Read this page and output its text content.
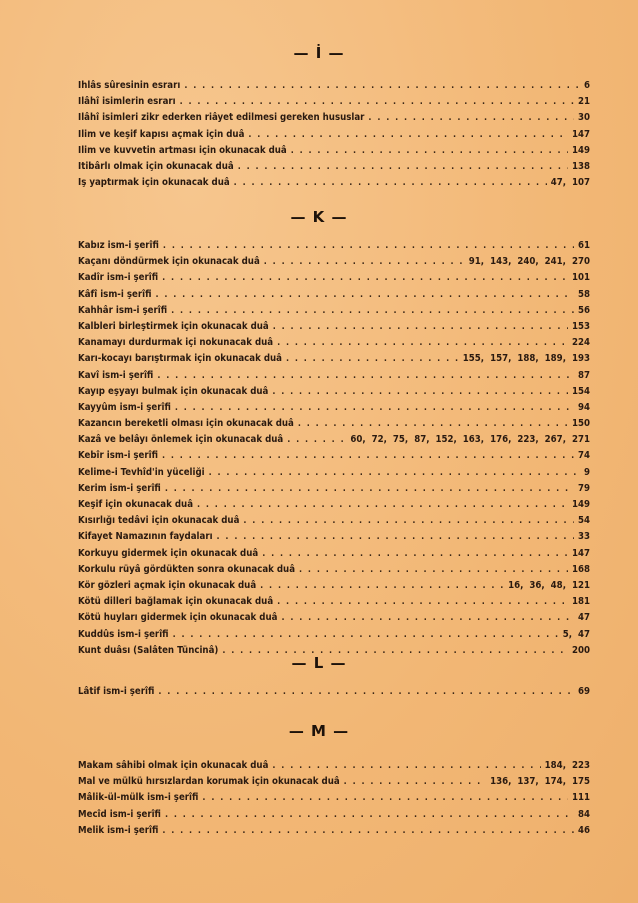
— İ —
İhlâs sûresinin esrarı . . .	6
İlâhî isimlerin esrarı . . .	21
İlâhî isimleri zikr ederken riâyet edilmesi gereken hususlar . . .	30
İlim ve keşif kapısı açmak için duâ . . .	147
İlim ve kuvvetin artması için okunacak duâ . . .	149
İtibârlı olmak için okunacak duâ . . .	138
İş yaptırmak için okunacak duâ . . .	47, 107
— K —
Kabız ism-i şerîfi . . .	61
Kaçanı döndürmek için okunacak duâ . . .	91, 143, 240, 241, 270
Kadîr ism-i şerîfi . . .	101
Kâfî ism-i şerîfi . . .	58
Kahhâr ism-i şerîfi . . .	56
Kalbleri birleştirmek için okunacak duâ . . .	153
Kanamayı durdurmak içi nokunacak duâ . . .	224
Karı-kocayı barıştırmak için okunacak duâ . . .	155, 157, 188, 189, 193
Kavî ism-i şerîfi . . .	87
Kayıp eşyayı bulmak için okunacak duâ . . .	154
Kayyûm ism-i şerîfi . . .	94
Kazancın bereketli olması için okunacak duâ . . .	150
Kazâ ve belâyı önlemek için okunacak duâ . . .	60, 72, 75, 87, 152, 163, 176, 223, 267, 271
Kebîr ism-i şerîfi . . .	74
Kelime-i Tevhîd'in yüceliği . . .	9
Kerim ism-i şerîfi . . .	79
Keşif için okunacak duâ . . .	149
Kısırlığı tedâvi için okunacak duâ . . .	54
Kifayet Namazının faydaları . . .	33
Korkuyu gidermek için okunacak duâ . . .	147
Korkulu rüyâ gördükten sonra okunacak duâ . . .	168
Kör gözleri açmak için okunacak duâ . . .	16, 36, 48, 121
Kötü dilleri bağlamak için okunacak duâ . . .	181
Kötü huyları gidermek için okunacak duâ . . .	47
Kuddûs ism-i şerîfi . . .	5, 47
Kunt duâsı (Salâten Tüncinâ) . . .	200
— L —
Lâtif ism-i şerîfi . . .	69
— M —
Makam sâhibi olmak için okunacak duâ . . .	184, 223
Mal ve mülkü hırsızlardan korumak için okunacak duâ . . .	136, 137, 174, 175
Mâlik-ül-mülk ism-i şerîfi . . .	111
Mecîd ism-i şerîfi . . .	84
Melik ism-i şerîfi . . .	46
